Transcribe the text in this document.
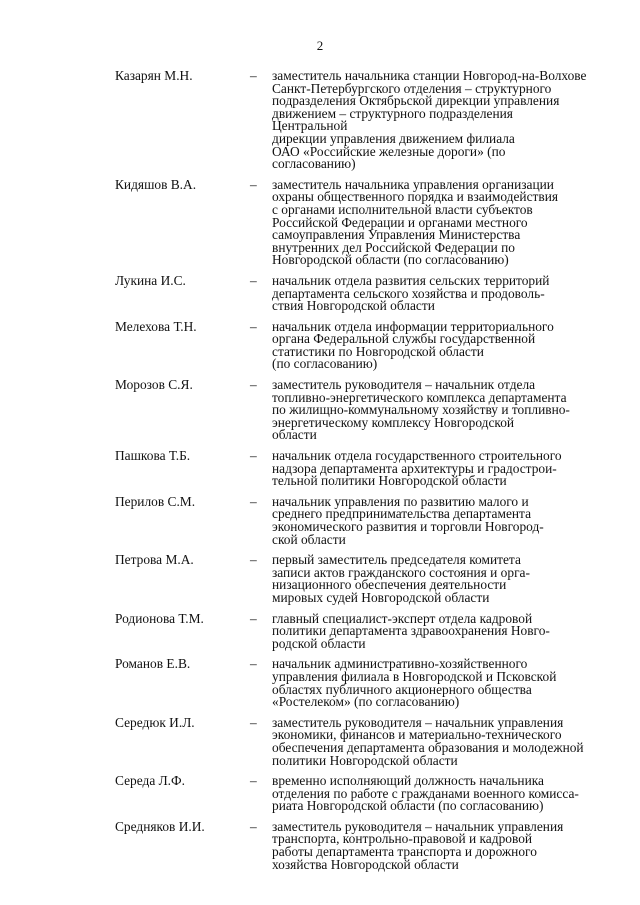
2
Казарян М.Н.	– заместитель начальника станции Новгород-на-Волхове
Санкт-Петербургского отделения – структурного
подразделения Октябрьской дирекции управления
движением – структурного подразделения Центральной
дирекции управления движением филиала
ОАО «Российские железные дороги» (по согласованию)
Кидяшов В.А.	– заместитель начальника управления организации
охраны общественного порядка и взаимодействия
с органами исполнительной власти субъектов
Российской Федерации и органами местного
самоуправления Управления Министерства
внутренних дел Российской Федерации по
Новгородской области (по согласованию)
Лукина И.С.	– начальник отдела развития сельских территорий
департамента сельского хозяйства и продоволь-
ствия Новгородской области
Мелехова Т.Н.	– начальник отдела информации территориального
органа Федеральной службы государственной
статистики по Новгородской области
(по согласованию)
Морозов С.Я.	– заместитель руководителя – начальник отдела
топливно-энергетического комплекса департамента
по жилищно-коммунальному хозяйству и топливно-
энергетическому комплексу Новгородской
области
Пашкова Т.Б.	– начальник отдела государственного строительного
надзора департамента архитектуры и градострои-
тельной политики Новгородской области
Перилов С.М.	– начальник управления по развитию малого и
среднего предпринимательства департамента
экономического развития и торговли Новгород-
ской области
Петрова М.А.	– первый заместитель председателя комитета
записи актов гражданского состояния и орга-
низационного обеспечения деятельности
мировых судей Новгородской области
Родионова Т.М.	– главный специалист-эксперт отдела кадровой
политики департамента здравоохранения Новго-
родской области
Романов Е.В.	– начальник административно-хозяйственного
управления филиала в Новгородской и Псковской
областях публичного акционерного общества
«Ростелеком» (по согласованию)
Середюк И.Л.	– заместитель руководителя – начальник управления
экономики, финансов и материально-технического
обеспечения департамента образования и молодежной
политики Новгородской области
Середа Л.Ф.	– временно исполняющий должность начальника
отделения по работе с гражданами военного комисса-
риата Новгородской области (по согласованию)
Средняков И.И.	– заместитель руководителя – начальник управления
транспорта, контрольно-правовой и кадровой
работы департамента транспорта и дорожного
хозяйства Новгородской области
